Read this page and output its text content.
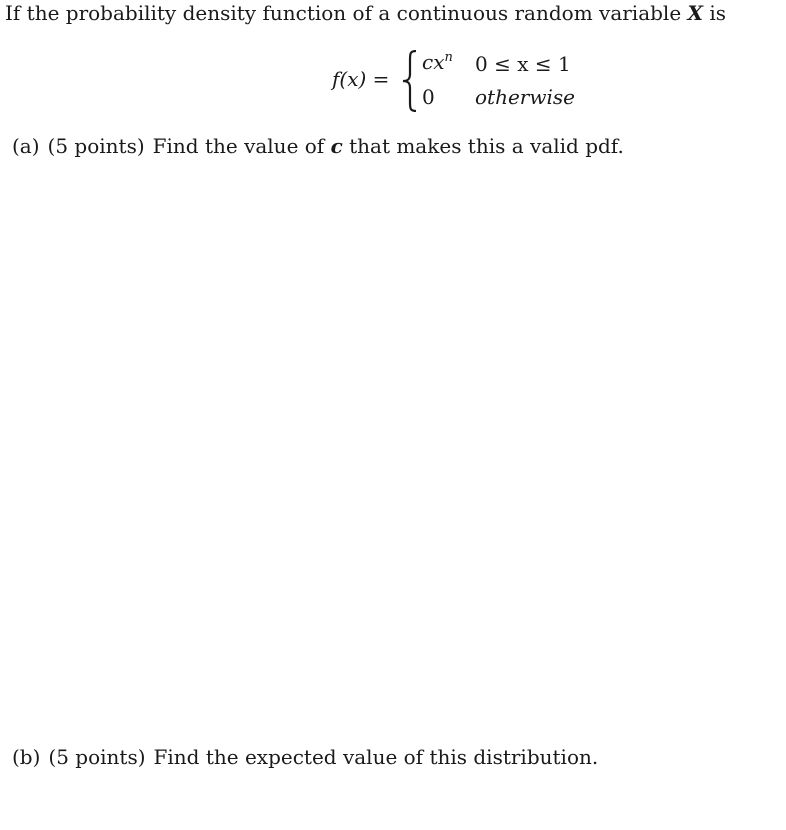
If the probability density function of a continuous random variable X is
f(x) =
$cx^n$ 0 ≤ x ≤ 1
0 otherwise
(a) (5 points) Find the value of c that makes this a valid pdf.
(b) (5 points) Find the expected value of this distribution.
